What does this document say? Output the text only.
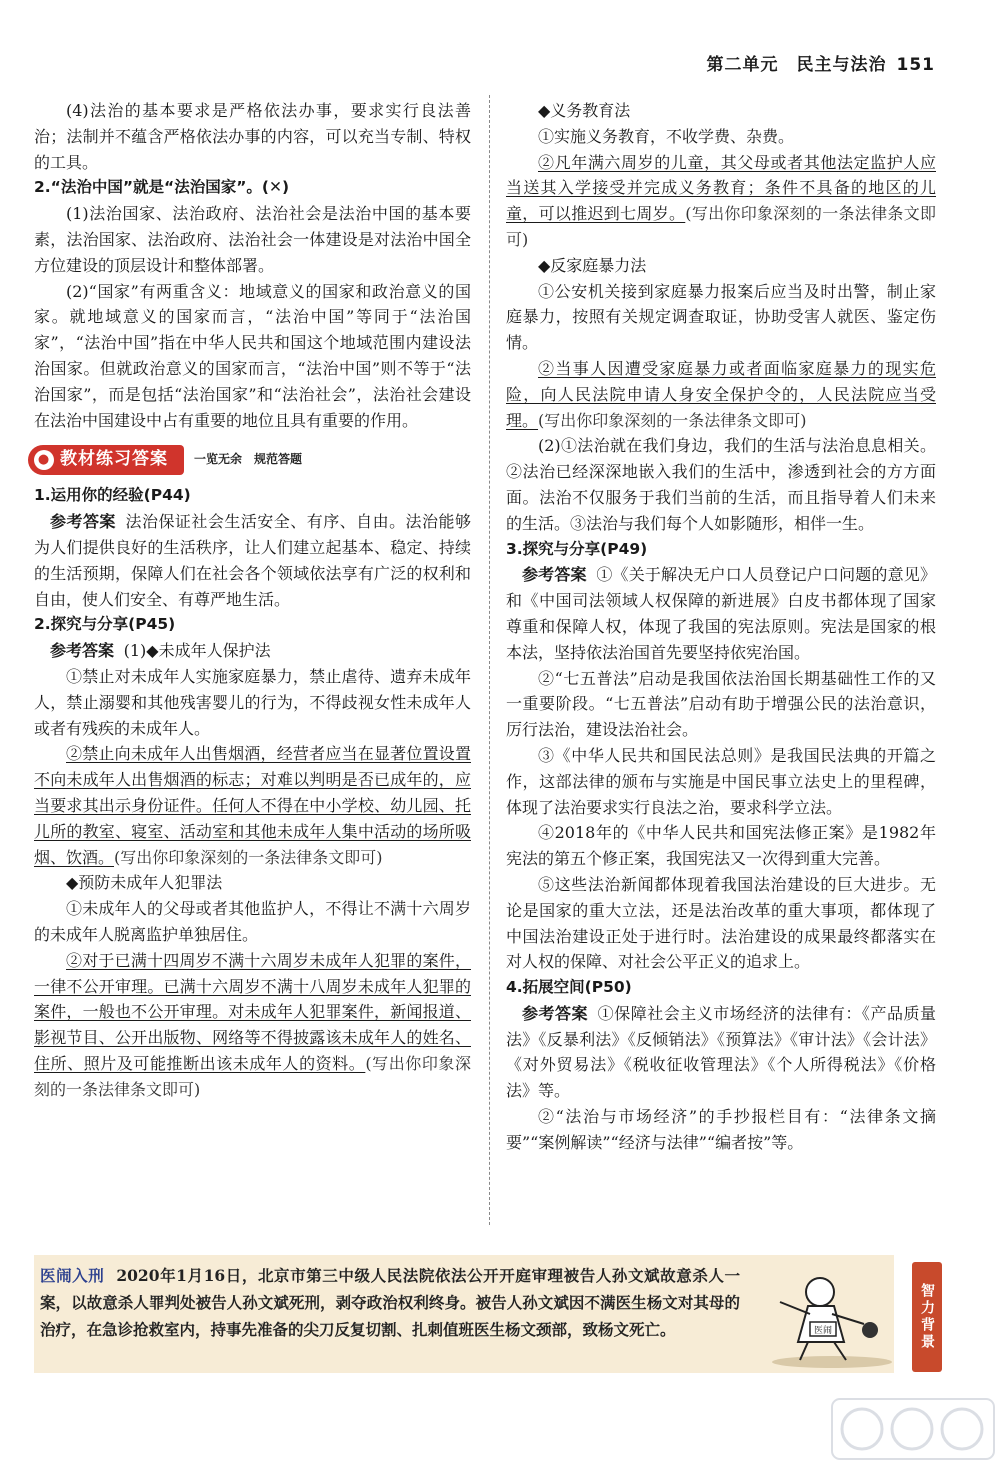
第二单元　民主与法治 151

(4)法治的基本要求是严格依法办事，要求实行良法善治；法制并不蕴含严格依法办事的内容，可以充当专制、特权的工具。

2.“法治中国”就是“法治国家”。(✕)

(1)法治国家、法治政府、法治社会是法治中国的基本要素，法治国家、法治政府、法治社会一体建设是对法治中国全方位建设的顶层设计和整体部署。

(2)“国家”有两重含义：地域意义的国家和政治意义的国家。就地域意义的国家而言，“法治中国”等同于“法治国家”，“法治中国”指在中华人民共和国这个地域范围内建设法治国家。但就政治意义的国家而言，“法治中国”则不等于“法治国家”，而是包括“法治国家”和“法治社会”，法治社会建设在法治中国建设中占有重要的地位且具有重要的作用。

● 教材练习答案 一览无余　规范答题

1.运用你的经验(P44)

参考答案 法治保证社会生活安全、有序、自由。法治能够为人们提供良好的生活秩序，让人们建立起基本、稳定、持续的生活预期，保障人们在社会各个领域依法享有广泛的权利和自由，使人们安全、有尊严地生活。

2.探究与分享(P45)

参考答案 (1)◆未成年人保护法

①禁止对未成年人实施家庭暴力，禁止虐待、遗弃未成年人，禁止溺婴和其他残害婴儿的行为，不得歧视女性未成年人或者有残疾的未成年人。

②禁止向未成年人出售烟酒，经营者应当在显著位置设置不向未成年人出售烟酒的标志；对难以判明是否已成年的，应当要求其出示身份证件。任何人不得在中小学校、幼儿园、托儿所的教室、寝室、活动室和其他未成年人集中活动的场所吸烟、饮酒。(写出你印象深刻的一条法律条文即可)

◆预防未成年人犯罪法

①未成年人的父母或者其他监护人，不得让不满十六周岁的未成年人脱离监护单独居住。

②对于已满十四周岁不满十六周岁未成年人犯罪的案件，一律不公开审理。已满十六周岁不满十八周岁未成年人犯罪的案件，一般也不公开审理。对未成年人犯罪案件，新闻报道、影视节目、公开出版物、网络等不得披露该未成年人的姓名、住所、照片及可能推断出该未成年人的资料。(写出你印象深刻的一条法律条文即可)

◆义务教育法

①实施义务教育，不收学费、杂费。

②凡年满六周岁的儿童，其父母或者其他法定监护人应当送其入学接受并完成义务教育；条件不具备的地区的儿童，可以推迟到七周岁。(写出你印象深刻的一条法律条文即可)

◆反家庭暴力法

①公安机关接到家庭暴力报案后应当及时出警，制止家庭暴力，按照有关规定调查取证，协助受害人就医、鉴定伤情。

②当事人因遭受家庭暴力或者面临家庭暴力的现实危险，向人民法院申请人身安全保护令的，人民法院应当受理。(写出你印象深刻的一条法律条文即可)

(2)①法治就在我们身边，我们的生活与法治息息相关。②法治已经深深地嵌入我们的生活中，渗透到社会的方方面面。法治不仅服务于我们当前的生活，而且指导着人们未来的生活。③法治与我们每个人如影随形，相伴一生。

3.探究与分享(P49)

参考答案 ①《关于解决无户口人员登记户口问题的意见》和《中国司法领域人权保障的新进展》白皮书都体现了国家尊重和保障人权，体现了我国的宪法原则。宪法是国家的根本法，坚持依法治国首先要坚持依宪治国。

②“七五普法”启动是我国依法治国长期基础性工作的又一重要阶段。“七五普法”启动有助于增强公民的法治意识，厉行法治，建设法治社会。

③《中华人民共和国民法总则》是我国民法典的开篇之作，这部法律的颁布与实施是中国民事立法史上的里程碑，体现了法治要求实行良法之治，要求科学立法。

④2018年的《中华人民共和国宪法修正案》是1982年宪法的第五个修正案，我国宪法又一次得到重大完善。

⑤这些法治新闻都体现着我国法治建设的巨大进步。无论是国家的重大立法，还是法治改革的重大事项，都体现了中国法治建设正处于进行时。法治建设的成果最终都落实在对人权的保障、对社会公平正义的追求上。

4.拓展空间(P50)

参考答案 ①保障社会主义市场经济的法律有：《产品质量法》《反暴利法》《反倾销法》《预算法》《审计法》《会计法》《对外贸易法》《税收征收管理法》《个人所得税法》《价格法》等。

②“法治与市场经济”的手抄报栏目有：“法律条文摘要”“案例解读”“经济与法律”“编者按”等。

医闹入刑 2020年1月16日，北京市第三中级人民法院依法公开开庭审理被告人孙文斌故意杀人一案，以故意杀人罪判处被告人孙文斌死刑，剥夺政治权利终身。被告人孙文斌因不满医生杨文对其母的治疗，在急诊抢救室内，持事先准备的尖刀反复切割、扎刺值班医生杨文颈部，致杨文死亡。	医闹	智力背景
